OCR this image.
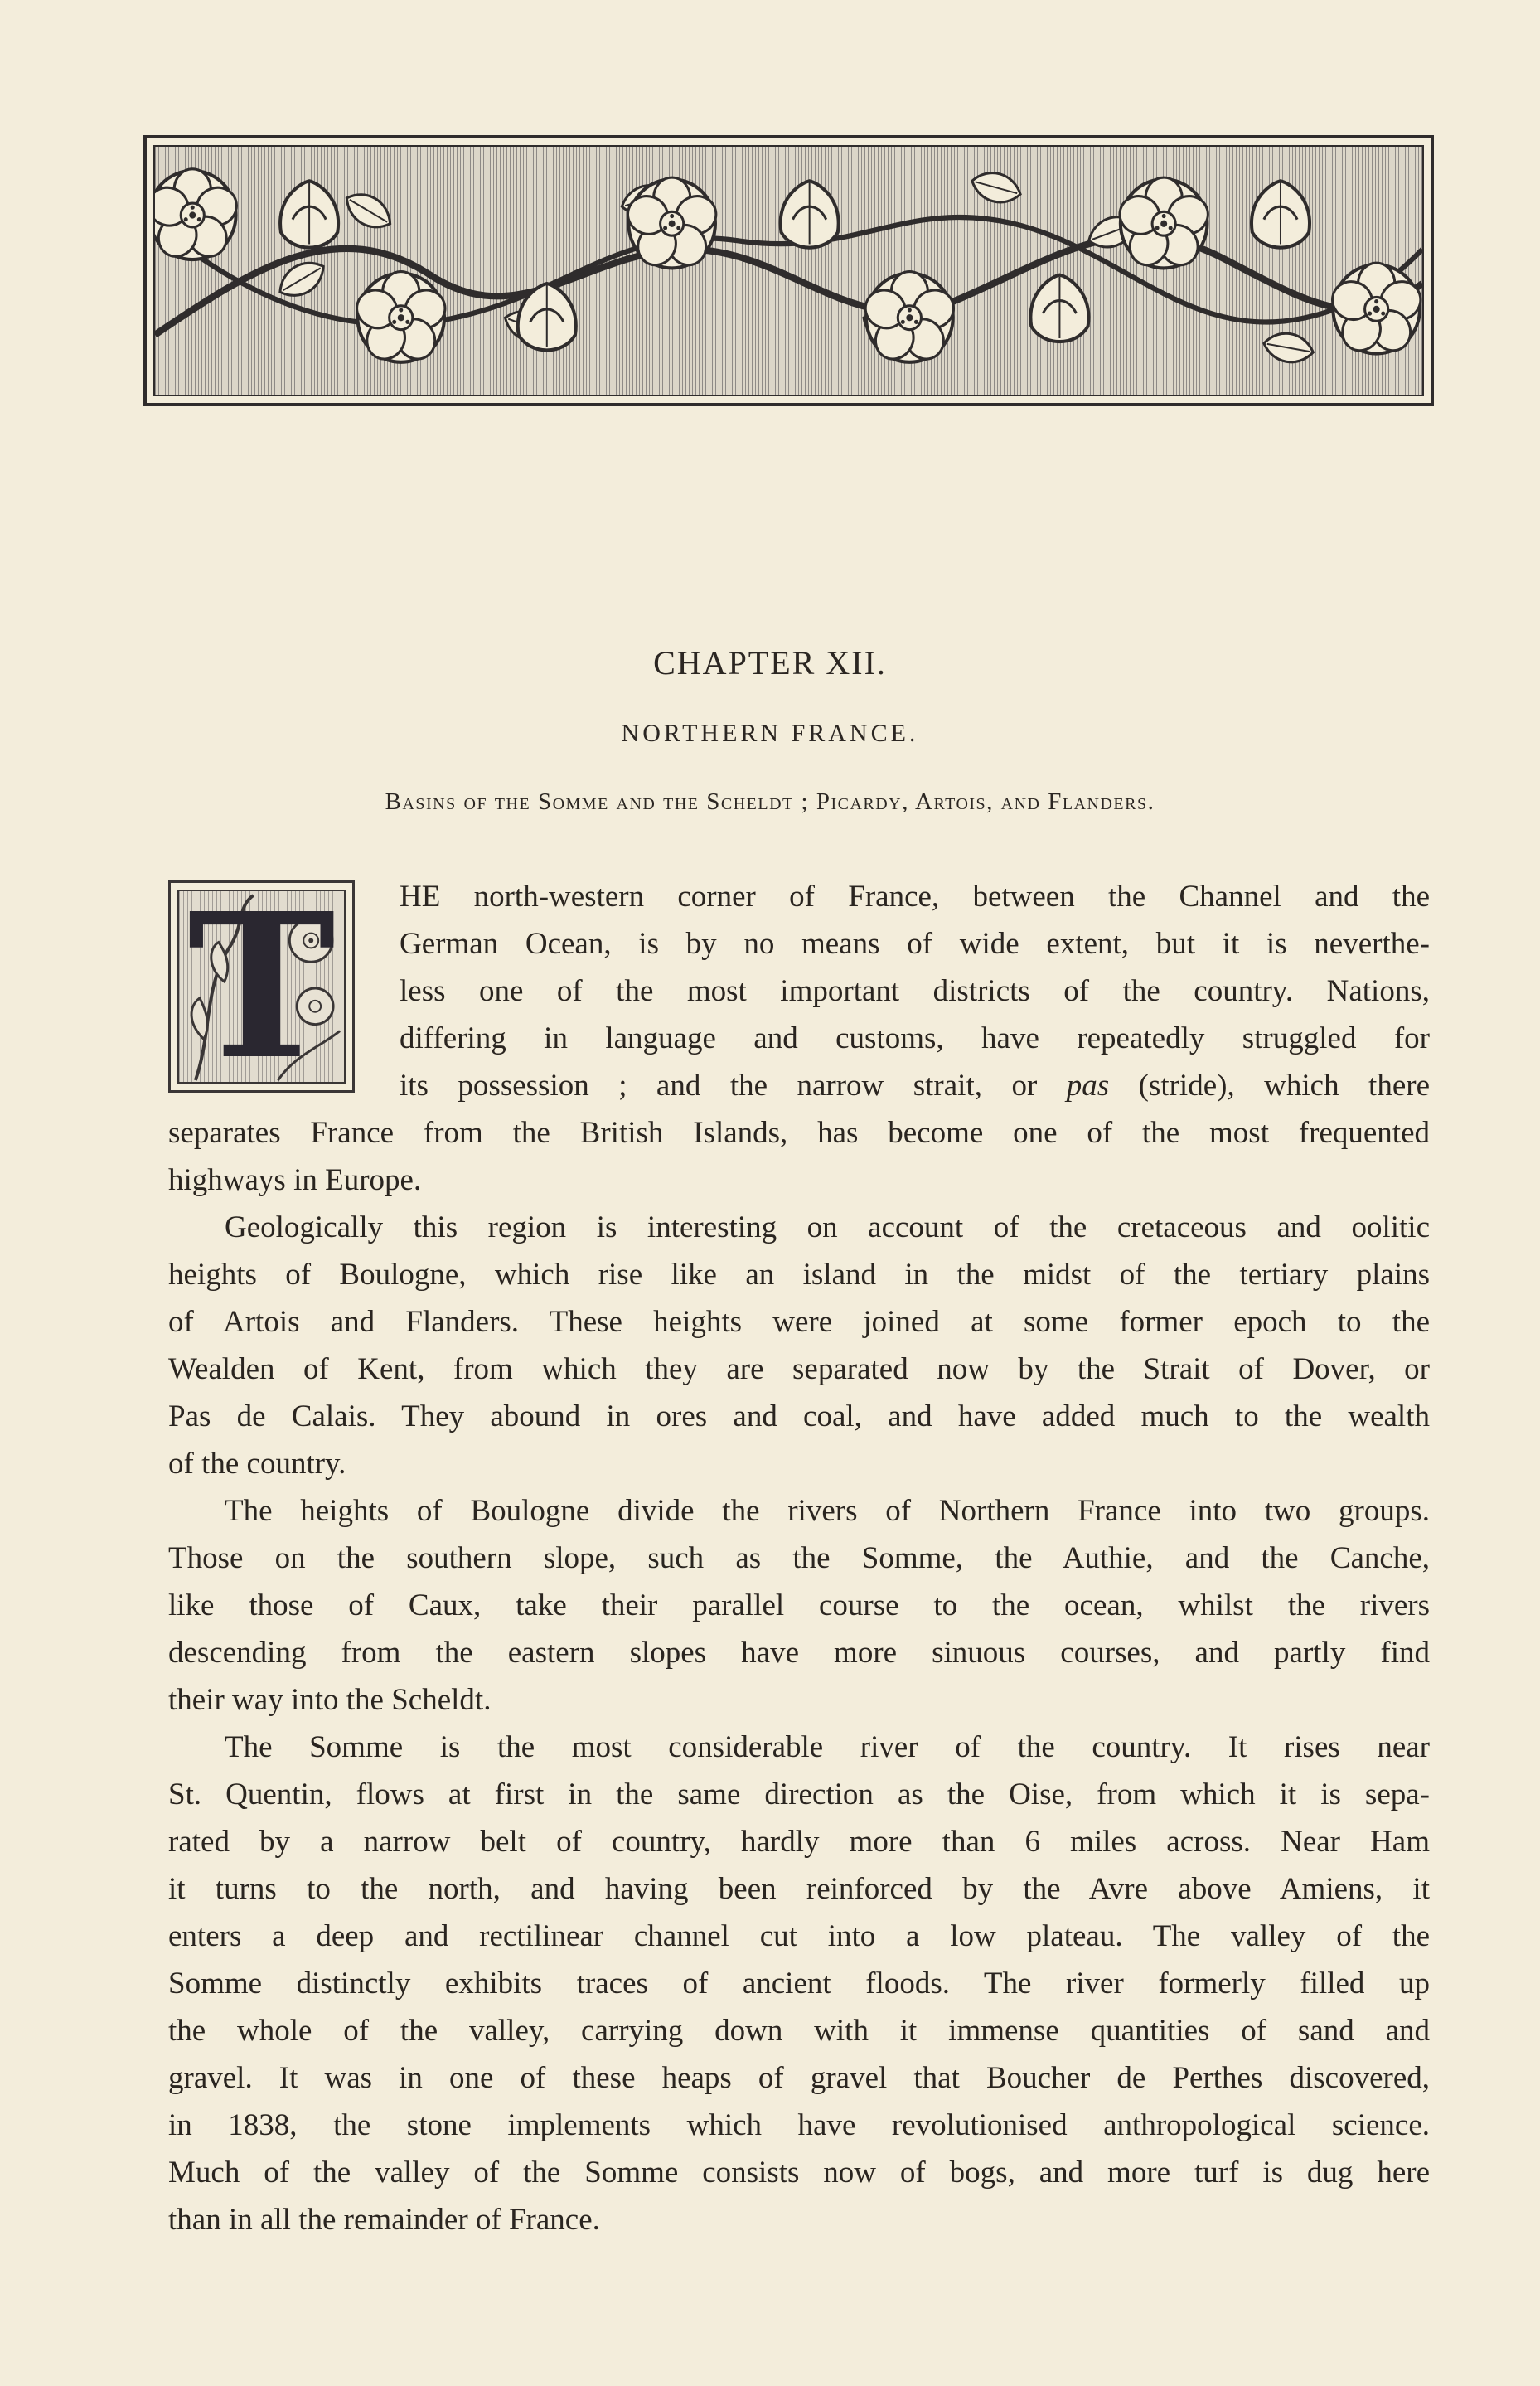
CHAPTER XII.
NORTHERN FRANCE.
Basins of the Somme and the Scheldt ; Picardy, Artois, and Flanders.
T HE north-western corner of France, between the Channel and the
German Ocean, is by no means of wide extent, but it is neverthe-
less one of the most important districts of the country. Nations,
differing in language and customs, have repeatedly struggled for
its possession ; and the narrow strait, or pas (stride), which there
separates France from the British Islands, has become one of the most frequented
highways in Europe.
Geologically this region is interesting on account of the cretaceous and oolitic
heights of Boulogne, which rise like an island in the midst of the tertiary plains
of Artois and Flanders. These heights were joined at some former epoch to the
Wealden of Kent, from which they are separated now by the Strait of Dover, or
Pas de Calais. They abound in ores and coal, and have added much to the wealth
of the country.
The heights of Boulogne divide the rivers of Northern France into two groups.
Those on the southern slope, such as the Somme, the Authie, and the Canche,
like those of Caux, take their parallel course to the ocean, whilst the rivers
descending from the eastern slopes have more sinuous courses, and partly find
their way into the Scheldt.
The Somme is the most considerable river of the country. It rises near
St. Quentin, flows at first in the same direction as the Oise, from which it is sepa-
rated by a narrow belt of country, hardly more than 6 miles across. Near Ham
it turns to the north, and having been reinforced by the Avre above Amiens, it
enters a deep and rectilinear channel cut into a low plateau. The valley of the
Somme distinctly exhibits traces of ancient floods. The river formerly filled up
the whole of the valley, carrying down with it immense quantities of sand and
gravel. It was in one of these heaps of gravel that Boucher de Perthes discovered,
in 1838, the stone implements which have revolutionised anthropological science.
Much of the valley of the Somme consists now of bogs, and more turf is dug here
than in all the remainder of France.
